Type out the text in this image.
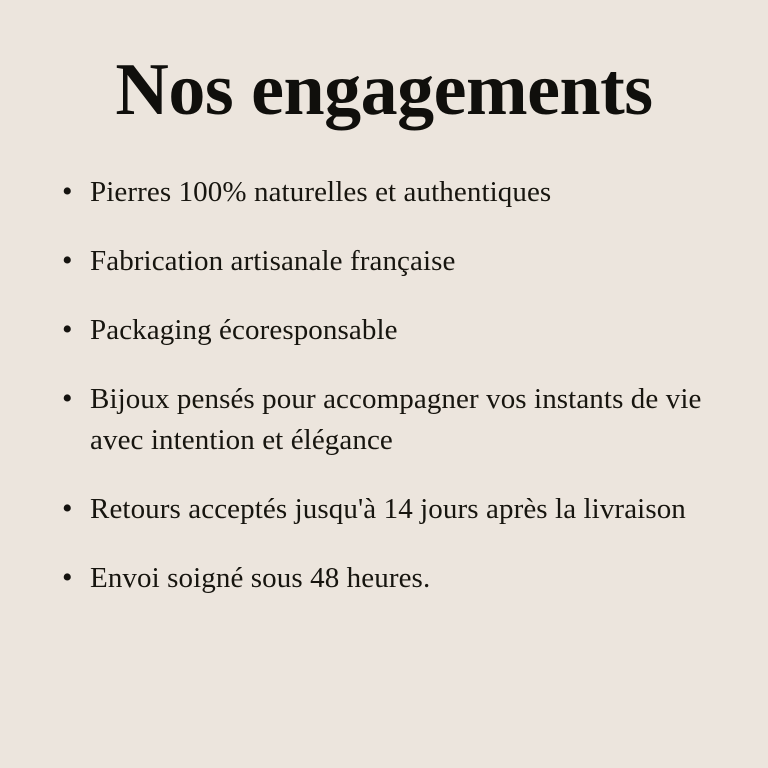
Nos engagements
• Pierres 100% naturelles et authentiques
• Fabrication artisanale française
• Packaging écoresponsable
• Bijoux pensés pour accompagner vos instants de vie avec intention et élégance
• Retours acceptés jusqu'à 14 jours après la livraison
• Envoi soigné sous 48 heures.
